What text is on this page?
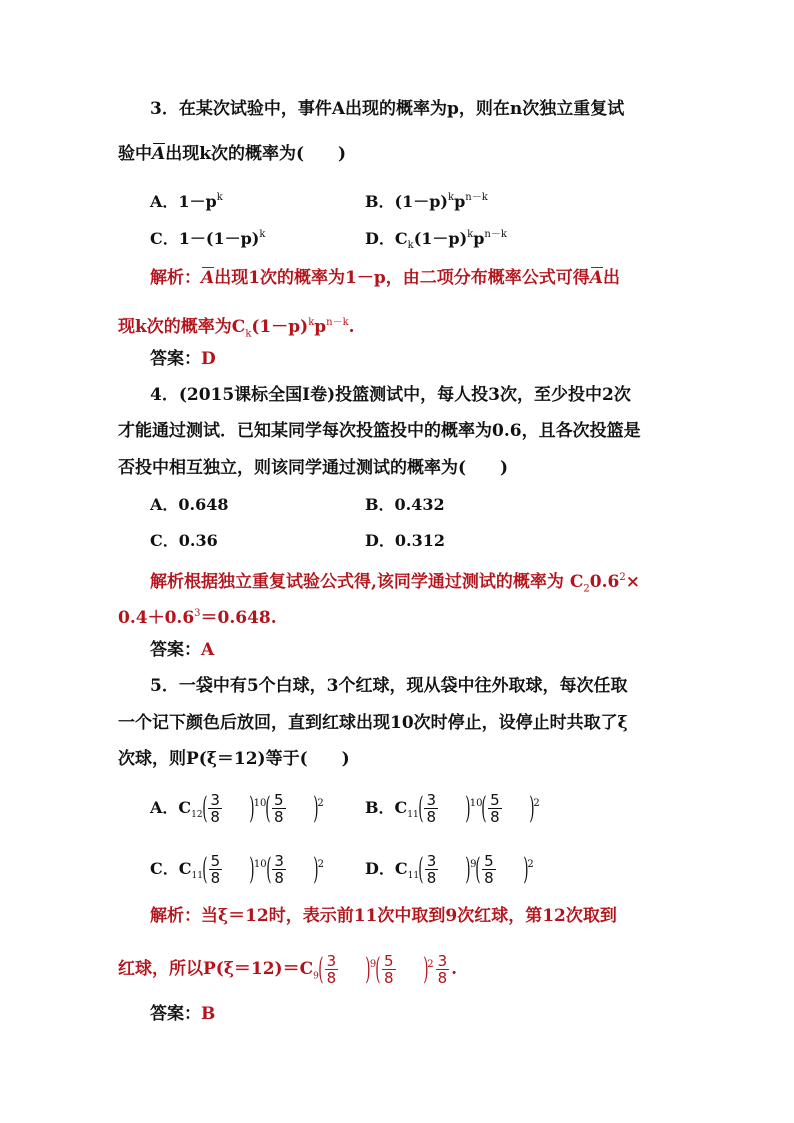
3．在某次试验中，事件A出现的概率为p，则在n次独立重复试
验中A出现k次的概率为(　　)
A．$1-p^k$	B．$(1-p)^kp^{n-k}$
C．$1-(1-p)^k$	D．$C_k(1-p)^kp^{n-k}$
解析：A出现1次的概率为1－p，由二项分布概率公式可得A出
现k次的概率为$C_k(1-p)^kp^{n-k}$.
答案：D
4．(2015课标全国Ⅰ卷)投篮测试中，每人投3次，至少投中2次
才能通过测试．已知某同学每次投篮投中的概率为0.6，且各次投篮是
否投中相互独立，则该同学通过测试的概率为(　　)
A．0.648	B．0.432
C．0.36	D．0.312
解析根据独立重复试验公式得,该同学通过测试的概率为 $C_20.6^2\times$
$0.4+0.6^3=0.648$.
答案：A
5．一袋中有5个白球，3个红球，现从袋中往外取球，每次任取
一个记下颜色后放回，直到红球出现10次时停止，设停止时共取了ξ
次球，则P(ξ＝12)等于(　　)
A．$C_{12}( \frac{3}{8} )^{10}( \frac{5}{8} )^2$	B．$C_{11}( \frac{3}{8} )^{10}( \frac{5}{8} )^2$
C．$C_{11}( \frac{5}{8} )^{10}( \frac{3}{8} )^2$	D．$C_{11}( \frac{3}{8} )^9( \frac{5}{8} )^2$
解析：当ξ＝12时，表示前11次中取到9次红球，第12次取到
红球，所以$P(\xi=12)=C_9( \frac{3}{8} )^9( \frac{5}{8} )^2 \frac{3}{8}$ .
答案：B
